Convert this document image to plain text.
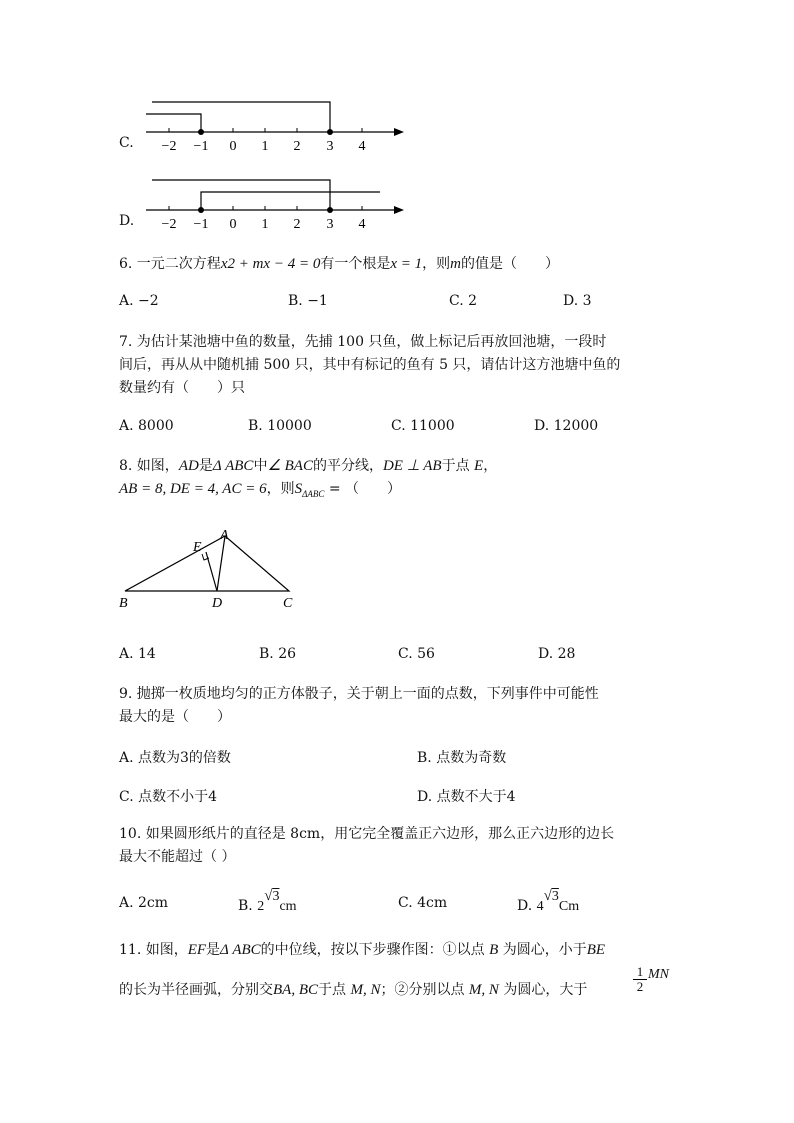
C. −2 −1 0 1 2 3 4
D. −2 −1 0 1 2 3 4
6. 一元二次方程x2 + mx − 4 = 0有一个根是x = 1，则m的值是（　　）
A. −2	B. −1	C. 2	D. 3
7. 为估计某池塘中鱼的数量，先捕 100 只鱼，做上标记后再放回池塘，一段时
间后，再从从中随机捕 500 只，其中有标记的鱼有 5 只，请估计这方池塘中鱼的
数量约有（　　）只
A. 8000	B. 10000	C. 11000	D. 12000
8. 如图，AD是Δ ABC中∠ BAC的平分线，DE ⊥ AB于点 E，
AB = 8, DE = 4, AC = 6，则$S_{\Delta ABC}$ = （　　）
A
E
B	D	C
A. 14	B. 26	C. 56	D. 28
9. 抛掷一枚质地均匀的正方体骰子，关于朝上一面的点数，下列事件中可能性
最大的是（　　）
A. 点数为3的倍数	B. 点数为奇数
C. 点数不小于4	D. 点数不大于4
10. 如果圆形纸片的直径是 8cm，用它完全覆盖正六边形，那么正六边形的边长
最大不能超过（ ）
A. 2cm	B. 2√3cm	C. 4cm	D. 4√3Cm
11. 如图，EF是Δ ABC的中位线，按以下步骤作图：①以点 B 为圆心，小于BE
的长为半径画弧，分别交BA, BC于点 M, N；②分别以点 M, N 为圆心，大于
1
2
MN
